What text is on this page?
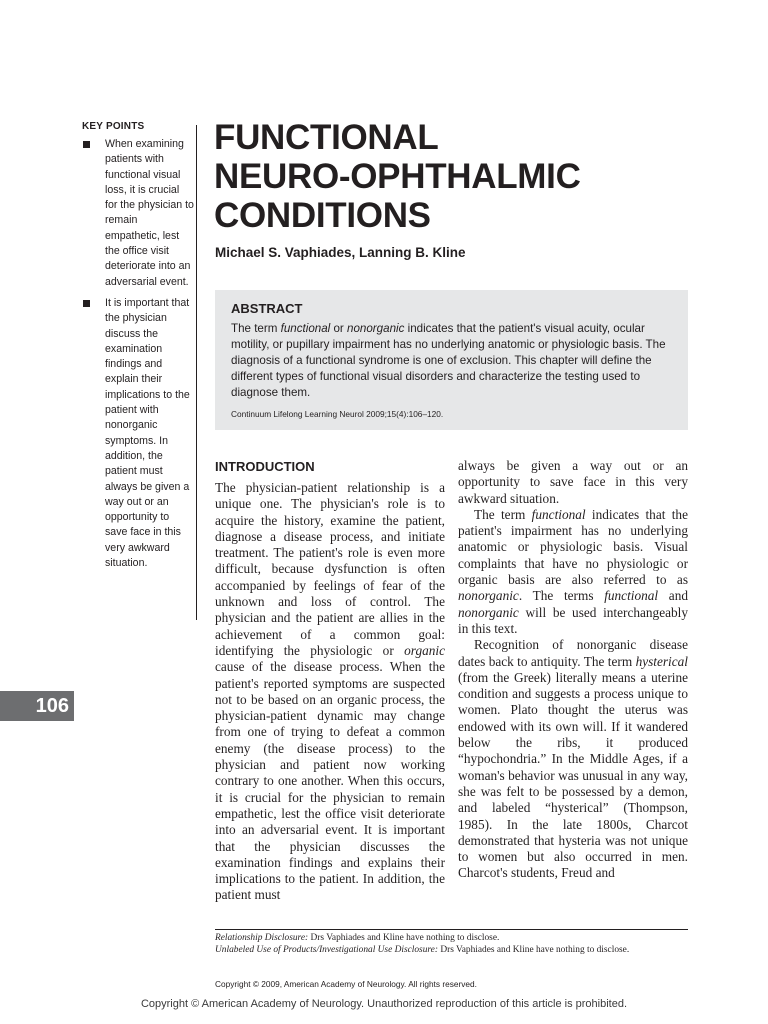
KEY POINTS
When examining patients with functional visual loss, it is crucial for the physician to remain empathetic, lest the office visit deteriorate into an adversarial event.
It is important that the physician discuss the examination findings and explain their implications to the patient with nonorganic symptoms. In addition, the patient must always be given a way out or an opportunity to save face in this very awkward situation.
106
FUNCTIONAL
NEURO-OPHTHALMIC
CONDITIONS
Michael S. Vaphiades, Lanning B. Kline
ABSTRACT
The term functional or nonorganic indicates that the patient's visual acuity, ocular motility, or pupillary impairment has no underlying anatomic or physiologic basis. The diagnosis of a functional syndrome is one of exclusion. This chapter will define the different types of functional visual disorders and characterize the testing used to diagnose them.
Continuum Lifelong Learning Neurol 2009;15(4):106–120.
INTRODUCTION

The physician-patient relationship is a unique one. The physician's role is to acquire the history, examine the patient, diagnose a disease process, and initiate treatment. The patient's role is even more difficult, because dysfunction is often accompanied by feelings of fear of the unknown and loss of control. The physician and the patient are allies in the achievement of a common goal: identifying the physiologic or organic cause of the disease process. When the patient's reported symptoms are suspected not to be based on an organic process, the physician-patient dynamic may change from one of trying to defeat a common enemy (the disease process) to the physician and patient now working contrary to one another. When this occurs, it is crucial for the physician to remain empathetic, lest the office visit deteriorate into an adversarial event. It is important that the physician discusses the examination findings and explains their implications to the patient. In addition, the patient must

always be given a way out or an opportunity to save face in this very awkward situation.

The term functional indicates that the patient's impairment has no underlying anatomic or physiologic basis. Visual complaints that have no physiologic or organic basis are also referred to as nonorganic. The terms functional and nonorganic will be used interchangeably in this text.

Recognition of nonorganic disease dates back to antiquity. The term hysterical (from the Greek) literally means a uterine condition and suggests a process unique to women. Plato thought the uterus was endowed with its own will. If it wandered below the ribs, it produced “hypochondria.” In the Middle Ages, if a woman's behavior was unusual in any way, she was felt to be possessed by a demon, and labeled “hysterical” (Thompson, 1985). In the late 1800s, Charcot demonstrated that hysteria was not unique to women but also occurred in men. Charcot's students, Freud and

Relationship Disclosure: Drs Vaphiades and Kline have nothing to disclose.
Unlabeled Use of Products/Investigational Use Disclosure: Drs Vaphiades and Kline have nothing to disclose.
Copyright © 2009, American Academy of Neurology. All rights reserved.
Copyright © American Academy of Neurology. Unauthorized reproduction of this article is prohibited.
